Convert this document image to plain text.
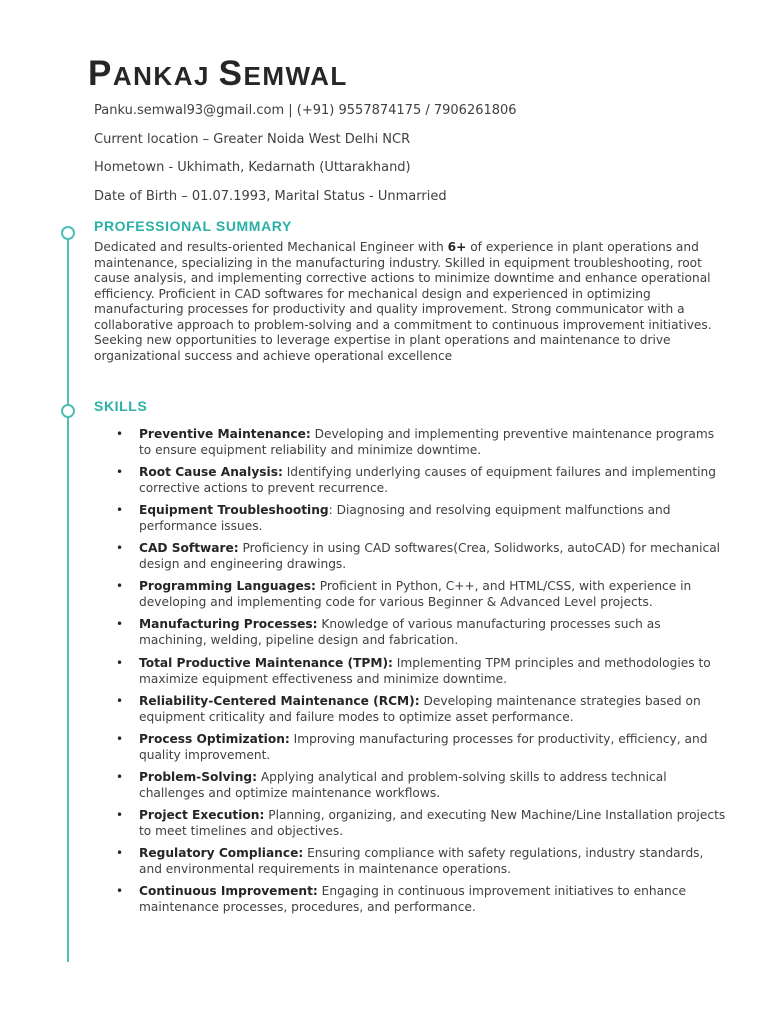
PANKAJ SEMWAL

Panku.semwal93@gmail.com | (+91) 9557874175 / 7906261806

Current location – Greater Noida West Delhi NCR

Hometown - Ukhimath, Kedarnath (Uttarakhand)

Date of Birth – 01.07.1993, Marital Status - Unmarried

PROFESSIONAL SUMMARY

Dedicated and results-oriented Mechanical Engineer with 6+ of experience in plant operations and maintenance, specializing in the manufacturing industry. Skilled in equipment troubleshooting, root cause analysis, and implementing corrective actions to minimize downtime and enhance operational efficiency. Proficient in CAD softwares for mechanical design and experienced in optimizing manufacturing processes for productivity and quality improvement. Strong communicator with a collaborative approach to problem-solving and a commitment to continuous improvement initiatives. Seeking new opportunities to leverage expertise in plant operations and maintenance to drive organizational success and achieve operational excellence

SKILLS
• Preventive Maintenance: Developing and implementing preventive maintenance programs to ensure equipment reliability and minimize downtime.
• Root Cause Analysis: Identifying underlying causes of equipment failures and implementing corrective actions to prevent recurrence.
• Equipment Troubleshooting: Diagnosing and resolving equipment malfunctions and performance issues.
• CAD Software: Proficiency in using CAD softwares(Crea, Solidworks, autoCAD) for mechanical design and engineering drawings.
• Programming Languages: Proficient in Python, C++, and HTML/CSS, with experience in developing and implementing code for various Beginner & Advanced Level projects.
• Manufacturing Processes: Knowledge of various manufacturing processes such as machining, welding, pipeline design and fabrication.
• Total Productive Maintenance (TPM): Implementing TPM principles and methodologies to maximize equipment effectiveness and minimize downtime.
• Reliability-Centered Maintenance (RCM): Developing maintenance strategies based on equipment criticality and failure modes to optimize asset performance.
• Process Optimization: Improving manufacturing processes for productivity, efficiency, and quality improvement.
• Problem-Solving: Applying analytical and problem-solving skills to address technical challenges and optimize maintenance workflows.
• Project Execution: Planning, organizing, and executing New Machine/Line Installation projects to meet timelines and objectives.
• Regulatory Compliance: Ensuring compliance with safety regulations, industry standards, and environmental requirements in maintenance operations.
• Continuous Improvement: Engaging in continuous improvement initiatives to enhance maintenance processes, procedures, and performance.
